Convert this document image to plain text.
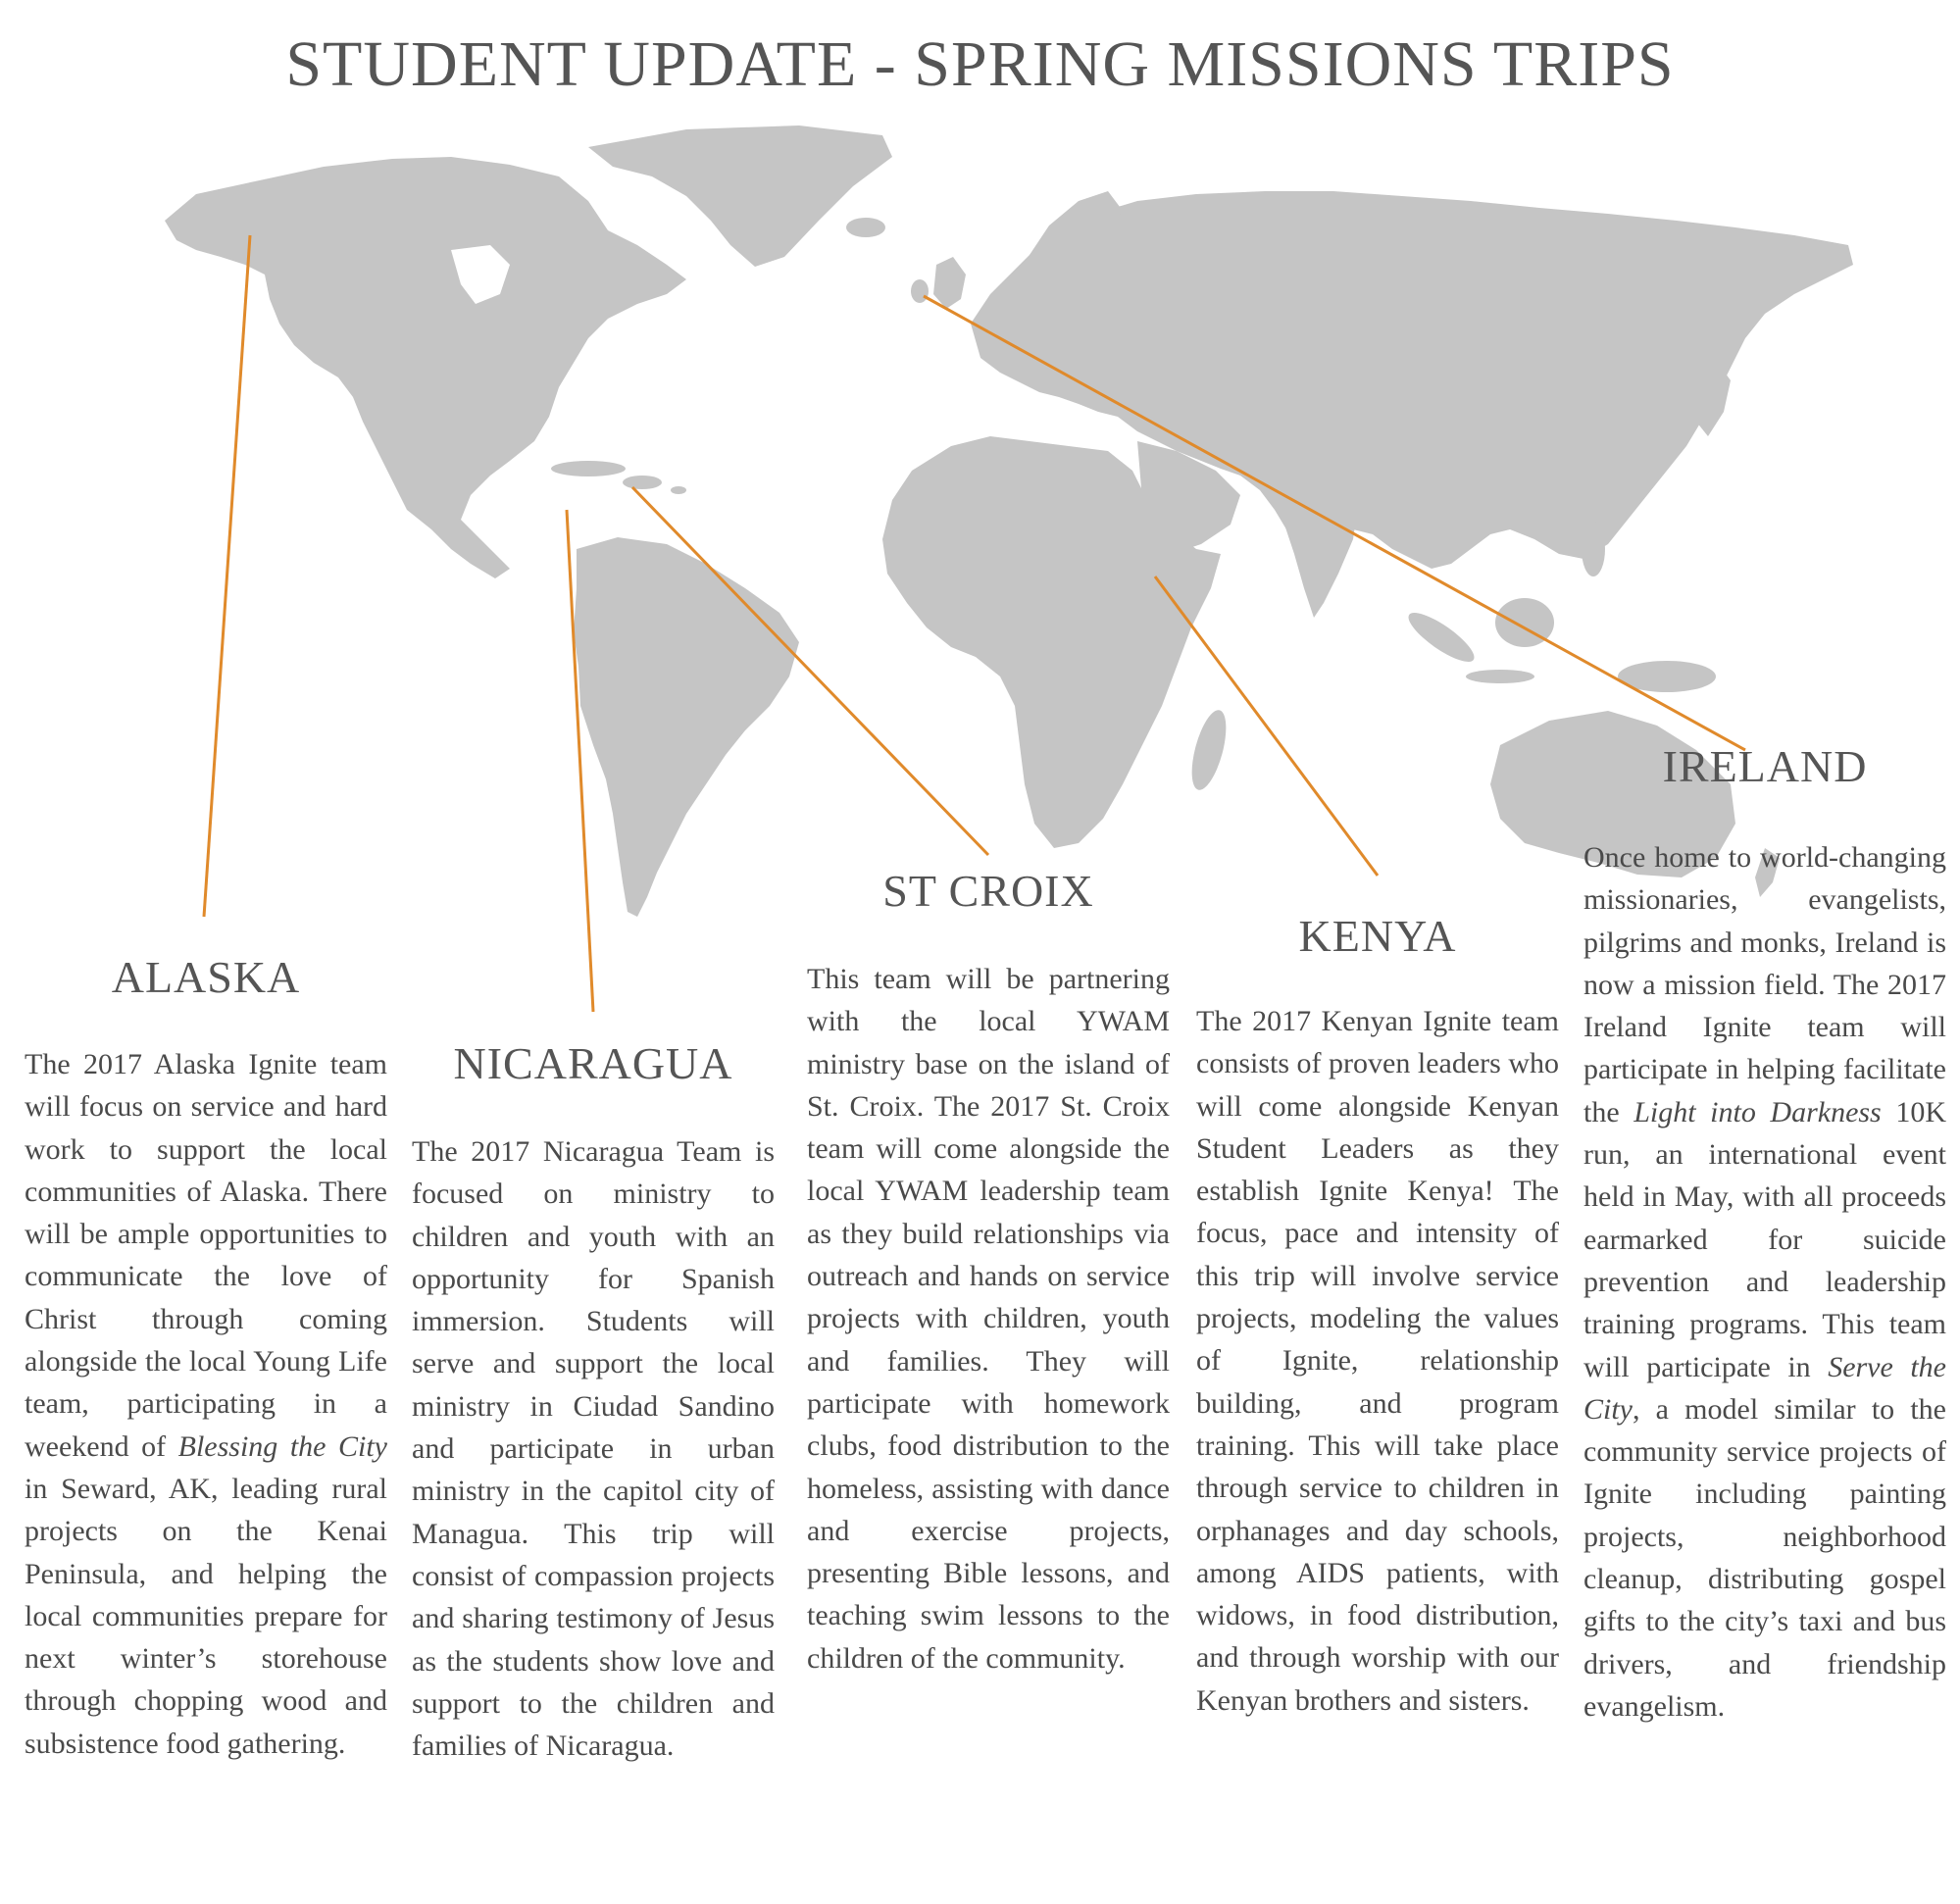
STUDENT UPDATE - SPRING MISSIONS TRIPS
ALASKA

The 2017 Alaska Ignite team will focus on service and hard work to support the local communities of Alaska. There will be ample opportunities to communicate the love of Christ through coming alongside the local Young Life team, participating in a weekend of Blessing the City in Seward, AK, leading rural projects on the Kenai Peninsula, and helping the local communities prepare for next winter’s storehouse through chopping wood and subsistence food gathering.

NICARAGUA

The 2017 Nicaragua Team is focused on ministry to children and youth with an opportunity for Spanish immersion. Students will serve and support the local ministry in Ciudad Sandino and participate in urban ministry in the capitol city of Managua. This trip will consist of compassion projects and sharing testimony of Jesus as the students show love and support to the children and families of Nicaragua.

ST CROIX

This team will be partnering with the local YWAM ministry base on the island of St. Croix. The 2017 St. Croix team will come alongside the local YWAM leadership team as they build relationships via outreach and hands on service projects with children, youth and families. They will participate with homework clubs, food distribution to the homeless, assisting with dance and exercise projects, presenting Bible lessons, and teaching swim lessons to the children of the community.

KENYA

The 2017 Kenyan Ignite team consists of proven leaders who will come alongside Kenyan Student Leaders as they establish Ignite Kenya! The focus, pace and intensity of this trip will involve service projects, modeling the values of Ignite, relationship building, and program training. This will take place through service to children in orphanages and day schools, among AIDS patients, with widows, in food distribution, and through worship with our Kenyan brothers and sisters.

IRELAND

Once home to world-changing missionaries, evangelists, pilgrims and monks, Ireland is now a mission field. The 2017 Ireland Ignite team will participate in helping facilitate the Light into Darkness 10K run, an international event held in May, with all proceeds earmarked for suicide prevention and leadership training programs. This team will participate in Serve the City, a model similar to the community service projects of Ignite including painting projects, neighborhood cleanup, distributing gospel gifts to the city’s taxi and bus drivers, and friendship evangelism.
